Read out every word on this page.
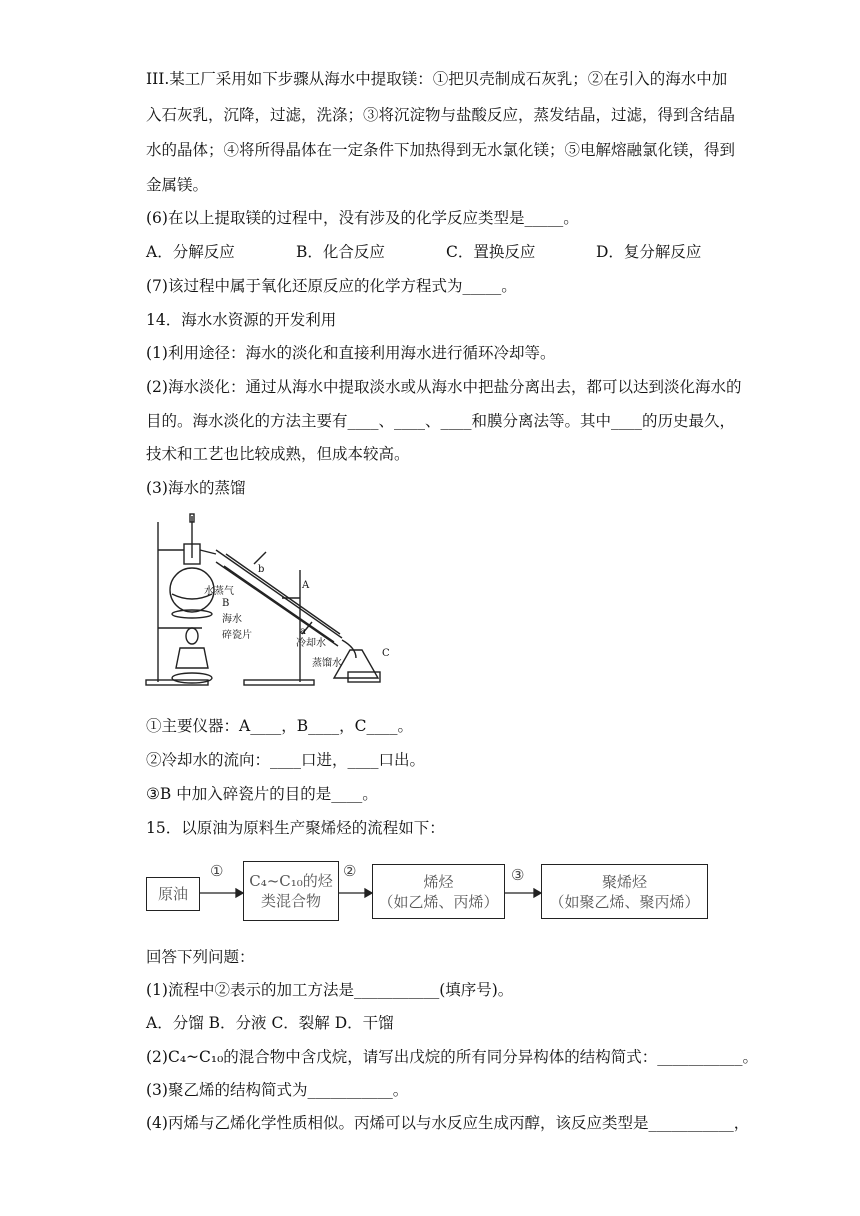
III.某工厂采用如下步骤从海水中提取镁：①把贝壳制成石灰乳；②在引入的海水中加
入石灰乳，沉降，过滤，洗涤；③将沉淀物与盐酸反应，蒸发结晶，过滤，得到含结晶
水的晶体；④将所得晶体在一定条件下加热得到无水氯化镁；⑤电解熔融氯化镁，得到
金属镁。
(6)在以上提取镁的过程中，没有涉及的化学反应类型是_____。
A．分解反应	B．化合反应	C．置换反应	D．复分解反应
(7)该过程中属于氧化还原反应的化学方程式为_____。
14．海水水资源的开发利用
(1)利用途径：海水的淡化和直接利用海水进行循环冷却等。
(2)海水淡化：通过从海水中提取淡水或从海水中把盐分离出去，都可以达到淡化海水的
目的。海水淡化的方法主要有____、____、____和膜分离法等。其中____的历史最久，
技术和工艺也比较成熟，但成本较高。
(3)海水的蒸馏
b
A
水蒸气
B
海水
碎瓷片	a
冷却水
蒸馏水
C
①主要仪器：A____，B____，C____。
②冷却水的流向：____口进，____口出。
③B 中加入碎瓷片的目的是____。
15．以原油为原料生产聚烯烃的流程如下：
①	②	③
原油
C₄~C₁₀的烃
类混合物
烯烃
（如乙烯、丙烯）
聚烯烃
（如聚乙烯、聚丙烯）
回答下列问题：
(1)流程中②表示的加工方法是___________(填序号)。
A．分馏 B．分液 C．裂解 D．干馏
(2)C₄~C₁₀的混合物中含戊烷，请写出戊烷的所有同分异构体的结构简式：___________。
(3)聚乙烯的结构简式为___________。
(4)丙烯与乙烯化学性质相似。丙烯可以与水反应生成丙醇，该反应类型是___________，
